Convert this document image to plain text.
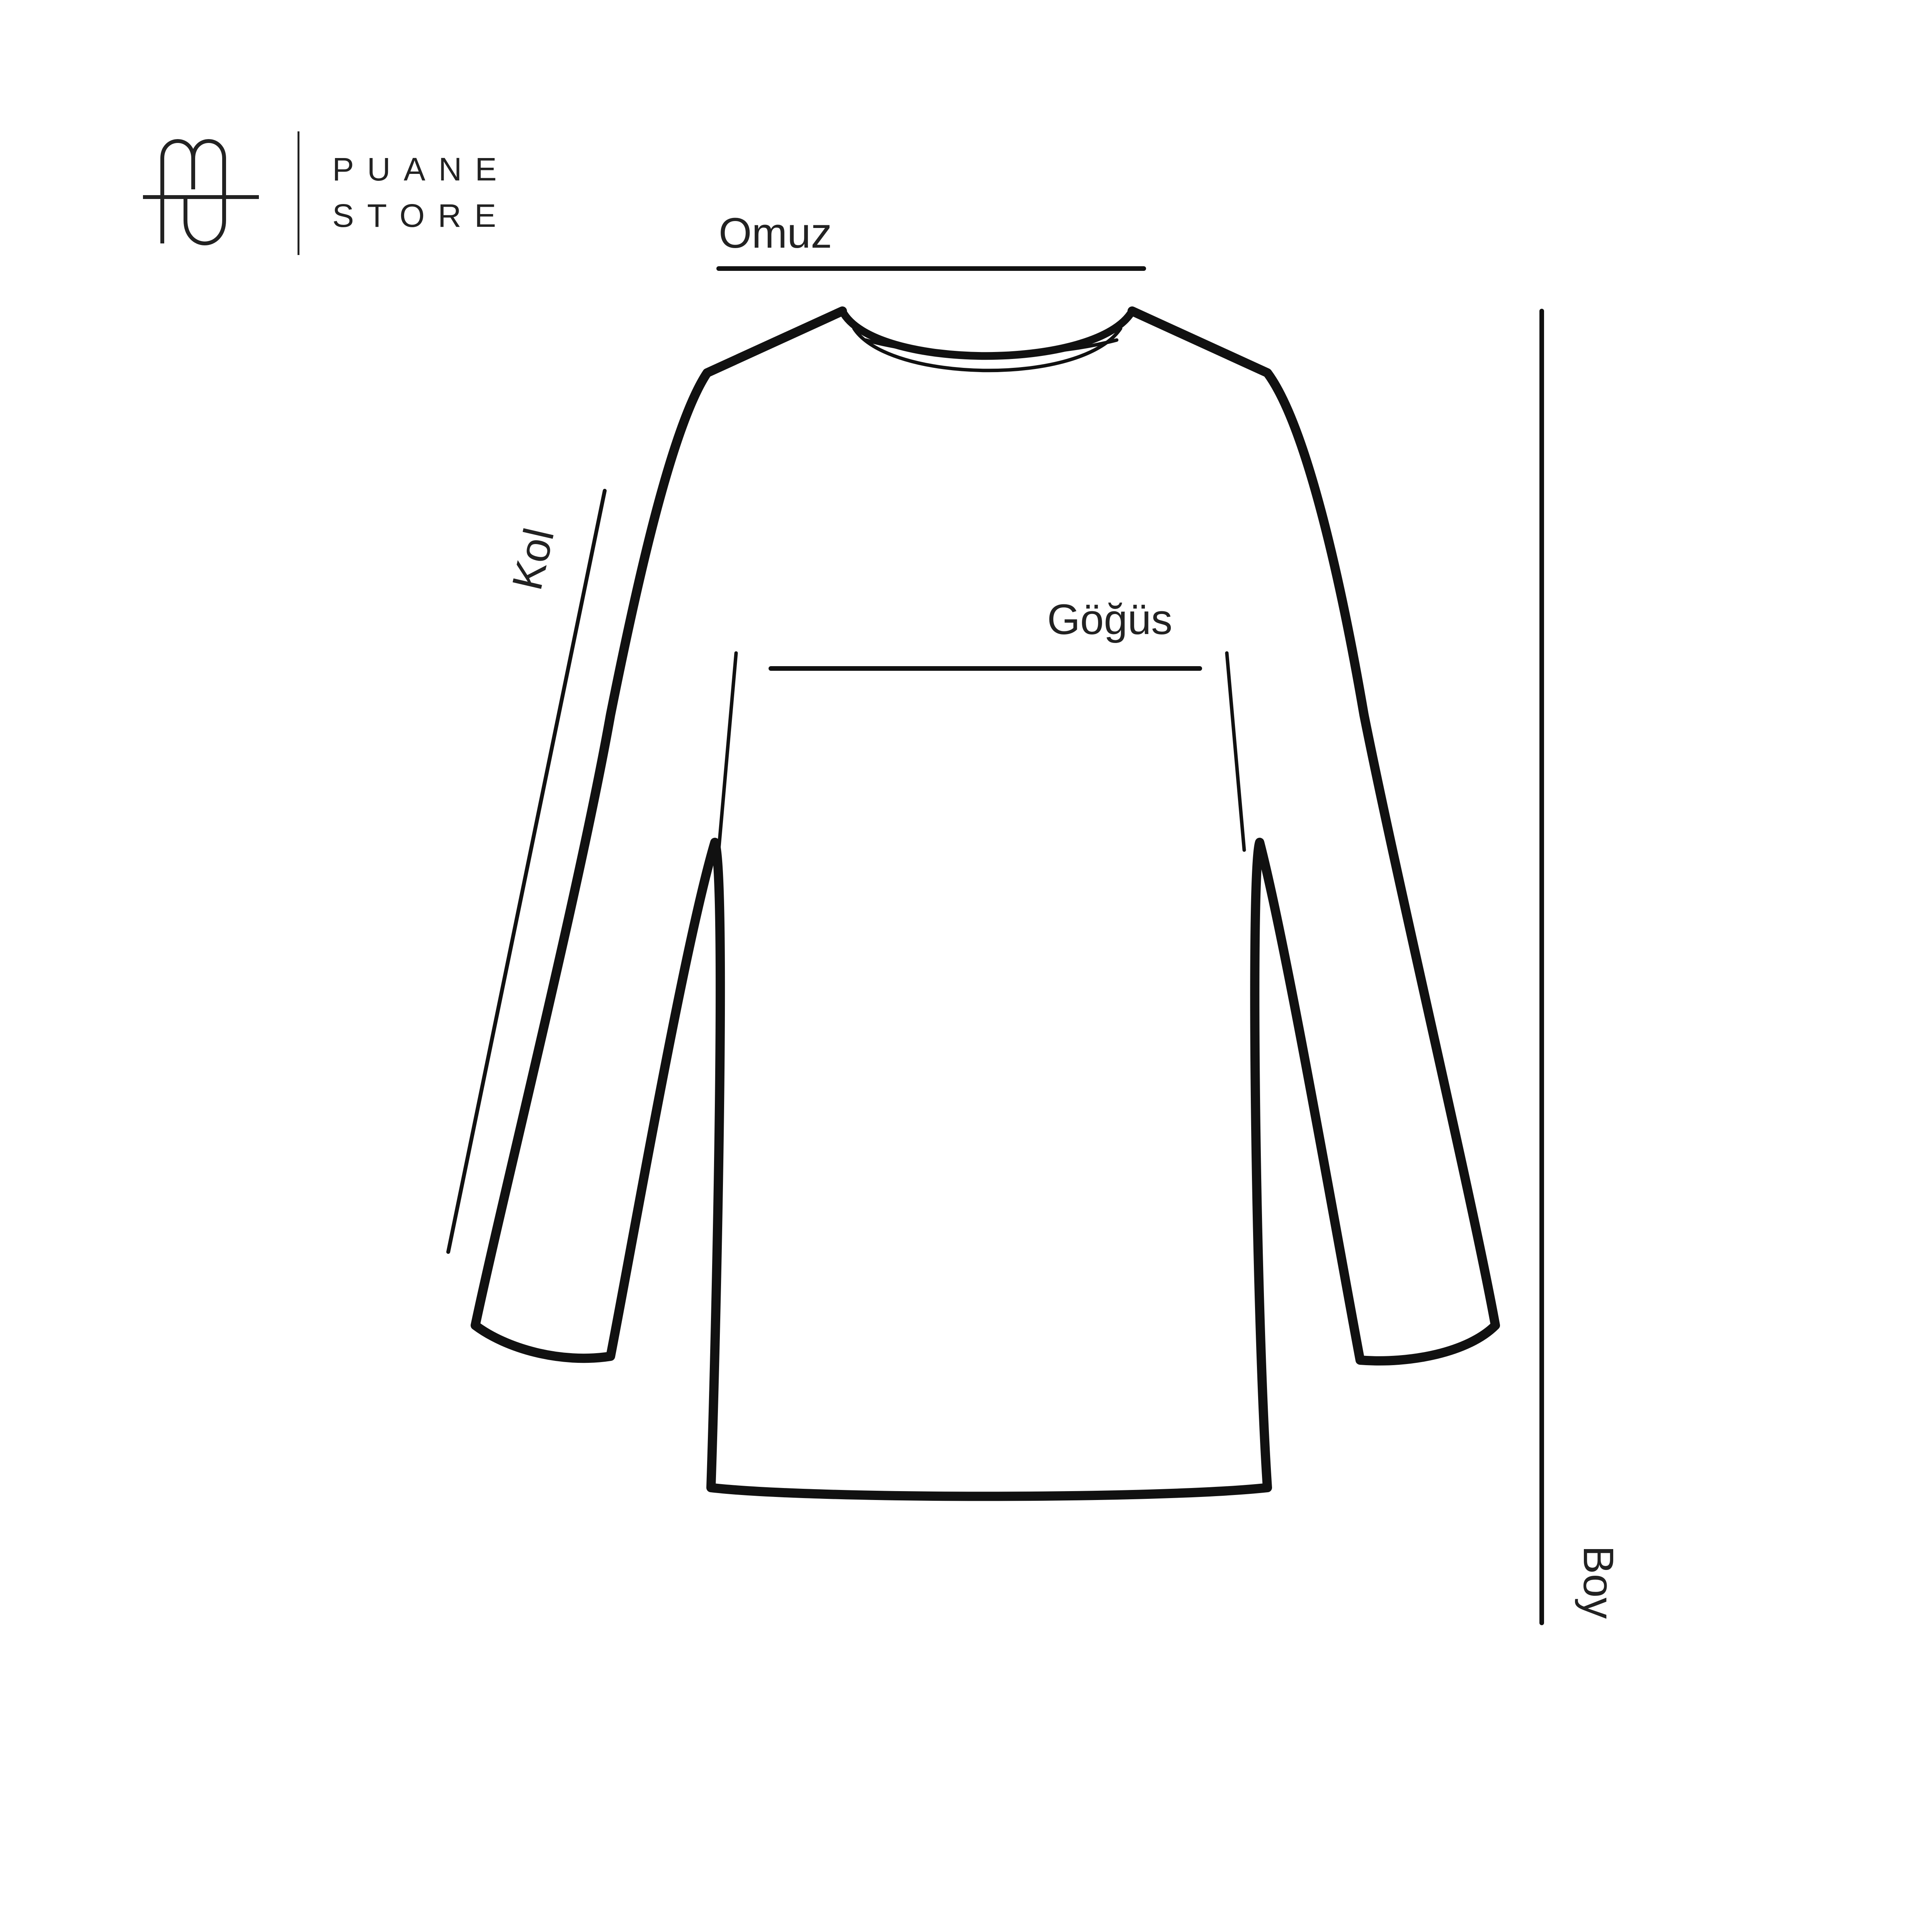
PUANE
STORE	Omuz
Göğüs
Kol
Boy
